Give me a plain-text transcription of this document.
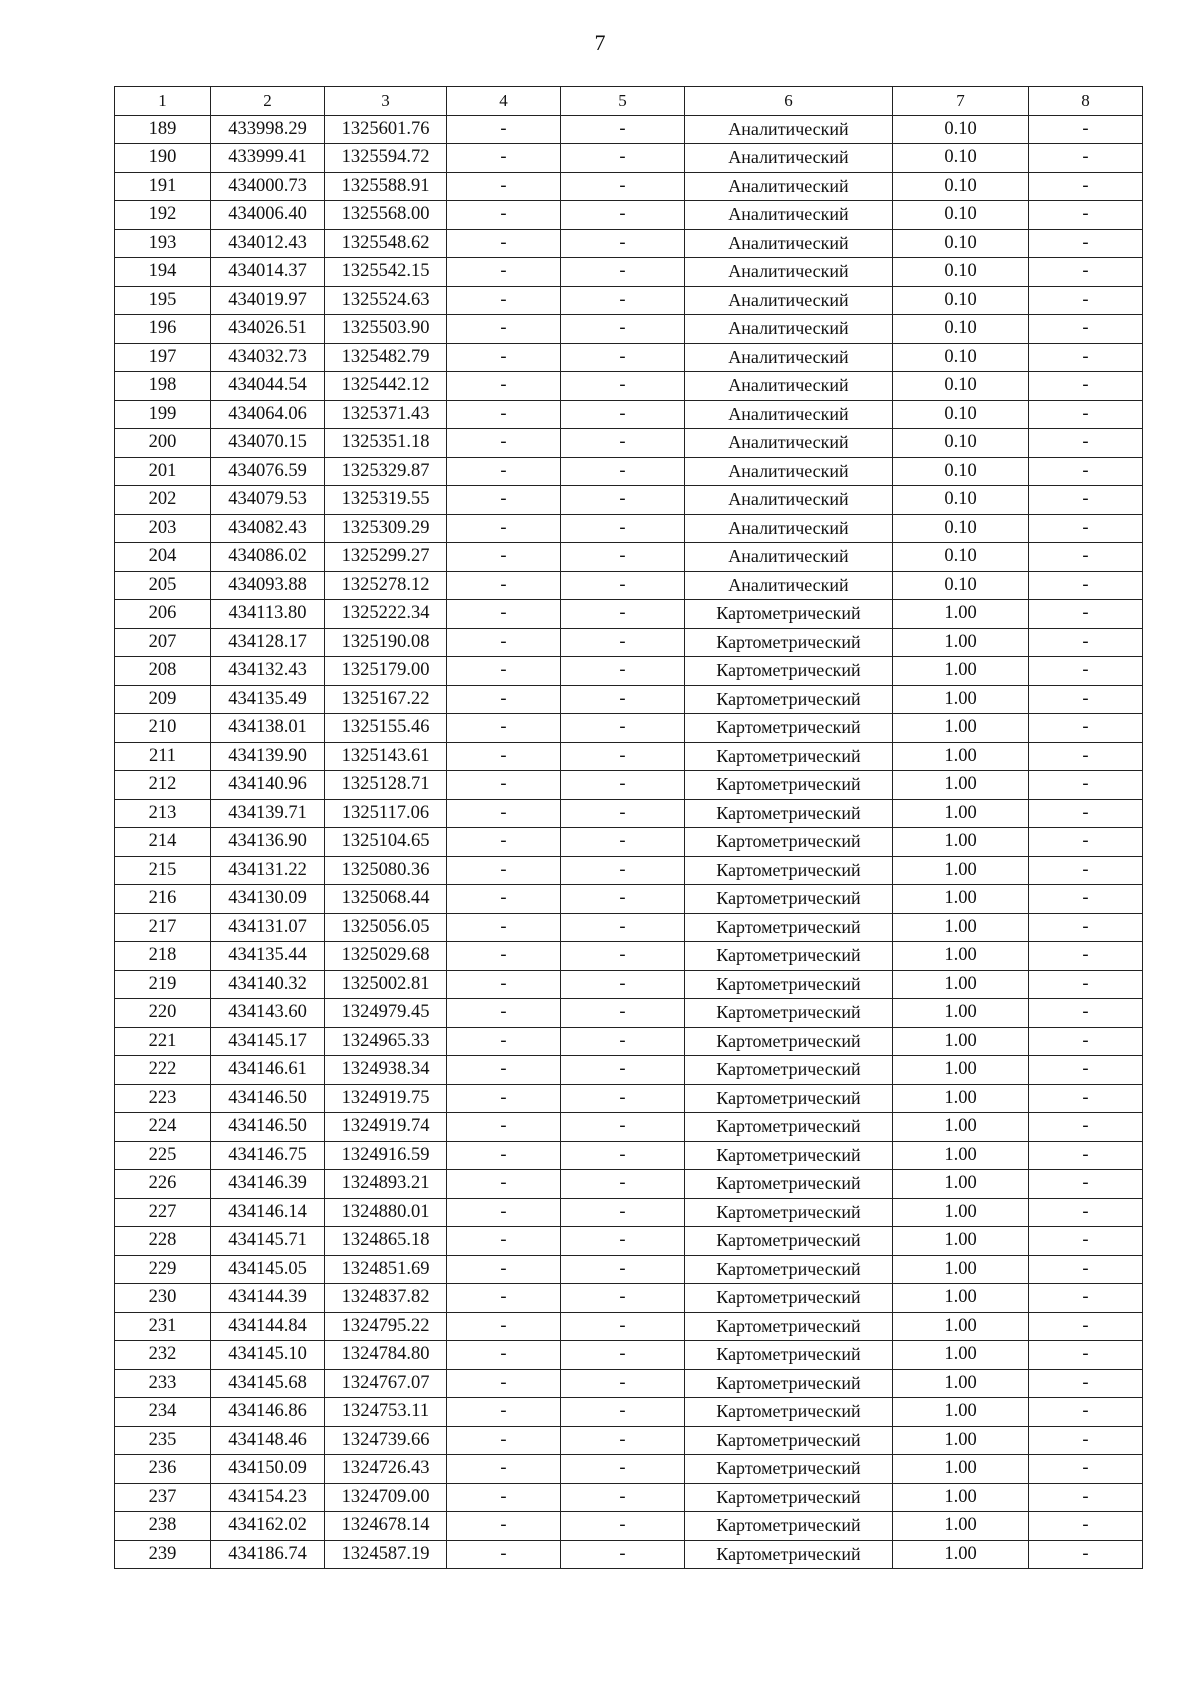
7
1	2	3	4	5	6	7	8
189	433998.29	1325601.76	-	-	Аналитический	0.10	-
190	433999.41	1325594.72	-	-	Аналитический	0.10	-
191	434000.73	1325588.91	-	-	Аналитический	0.10	-
192	434006.40	1325568.00	-	-	Аналитический	0.10	-
193	434012.43	1325548.62	-	-	Аналитический	0.10	-
194	434014.37	1325542.15	-	-	Аналитический	0.10	-
195	434019.97	1325524.63	-	-	Аналитический	0.10	-
196	434026.51	1325503.90	-	-	Аналитический	0.10	-
197	434032.73	1325482.79	-	-	Аналитический	0.10	-
198	434044.54	1325442.12	-	-	Аналитический	0.10	-
199	434064.06	1325371.43	-	-	Аналитический	0.10	-
200	434070.15	1325351.18	-	-	Аналитический	0.10	-
201	434076.59	1325329.87	-	-	Аналитический	0.10	-
202	434079.53	1325319.55	-	-	Аналитический	0.10	-
203	434082.43	1325309.29	-	-	Аналитический	0.10	-
204	434086.02	1325299.27	-	-	Аналитический	0.10	-
205	434093.88	1325278.12	-	-	Аналитический	0.10	-
206	434113.80	1325222.34	-	-	Картометрический	1.00	-
207	434128.17	1325190.08	-	-	Картометрический	1.00	-
208	434132.43	1325179.00	-	-	Картометрический	1.00	-
209	434135.49	1325167.22	-	-	Картометрический	1.00	-
210	434138.01	1325155.46	-	-	Картометрический	1.00	-
211	434139.90	1325143.61	-	-	Картометрический	1.00	-
212	434140.96	1325128.71	-	-	Картометрический	1.00	-
213	434139.71	1325117.06	-	-	Картометрический	1.00	-
214	434136.90	1325104.65	-	-	Картометрический	1.00	-
215	434131.22	1325080.36	-	-	Картометрический	1.00	-
216	434130.09	1325068.44	-	-	Картометрический	1.00	-
217	434131.07	1325056.05	-	-	Картометрический	1.00	-
218	434135.44	1325029.68	-	-	Картометрический	1.00	-
219	434140.32	1325002.81	-	-	Картометрический	1.00	-
220	434143.60	1324979.45	-	-	Картометрический	1.00	-
221	434145.17	1324965.33	-	-	Картометрический	1.00	-
222	434146.61	1324938.34	-	-	Картометрический	1.00	-
223	434146.50	1324919.75	-	-	Картометрический	1.00	-
224	434146.50	1324919.74	-	-	Картометрический	1.00	-
225	434146.75	1324916.59	-	-	Картометрический	1.00	-
226	434146.39	1324893.21	-	-	Картометрический	1.00	-
227	434146.14	1324880.01	-	-	Картометрический	1.00	-
228	434145.71	1324865.18	-	-	Картометрический	1.00	-
229	434145.05	1324851.69	-	-	Картометрический	1.00	-
230	434144.39	1324837.82	-	-	Картометрический	1.00	-
231	434144.84	1324795.22	-	-	Картометрический	1.00	-
232	434145.10	1324784.80	-	-	Картометрический	1.00	-
233	434145.68	1324767.07	-	-	Картометрический	1.00	-
234	434146.86	1324753.11	-	-	Картометрический	1.00	-
235	434148.46	1324739.66	-	-	Картометрический	1.00	-
236	434150.09	1324726.43	-	-	Картометрический	1.00	-
237	434154.23	1324709.00	-	-	Картометрический	1.00	-
238	434162.02	1324678.14	-	-	Картометрический	1.00	-
239	434186.74	1324587.19	-	-	Картометрический	1.00	-
